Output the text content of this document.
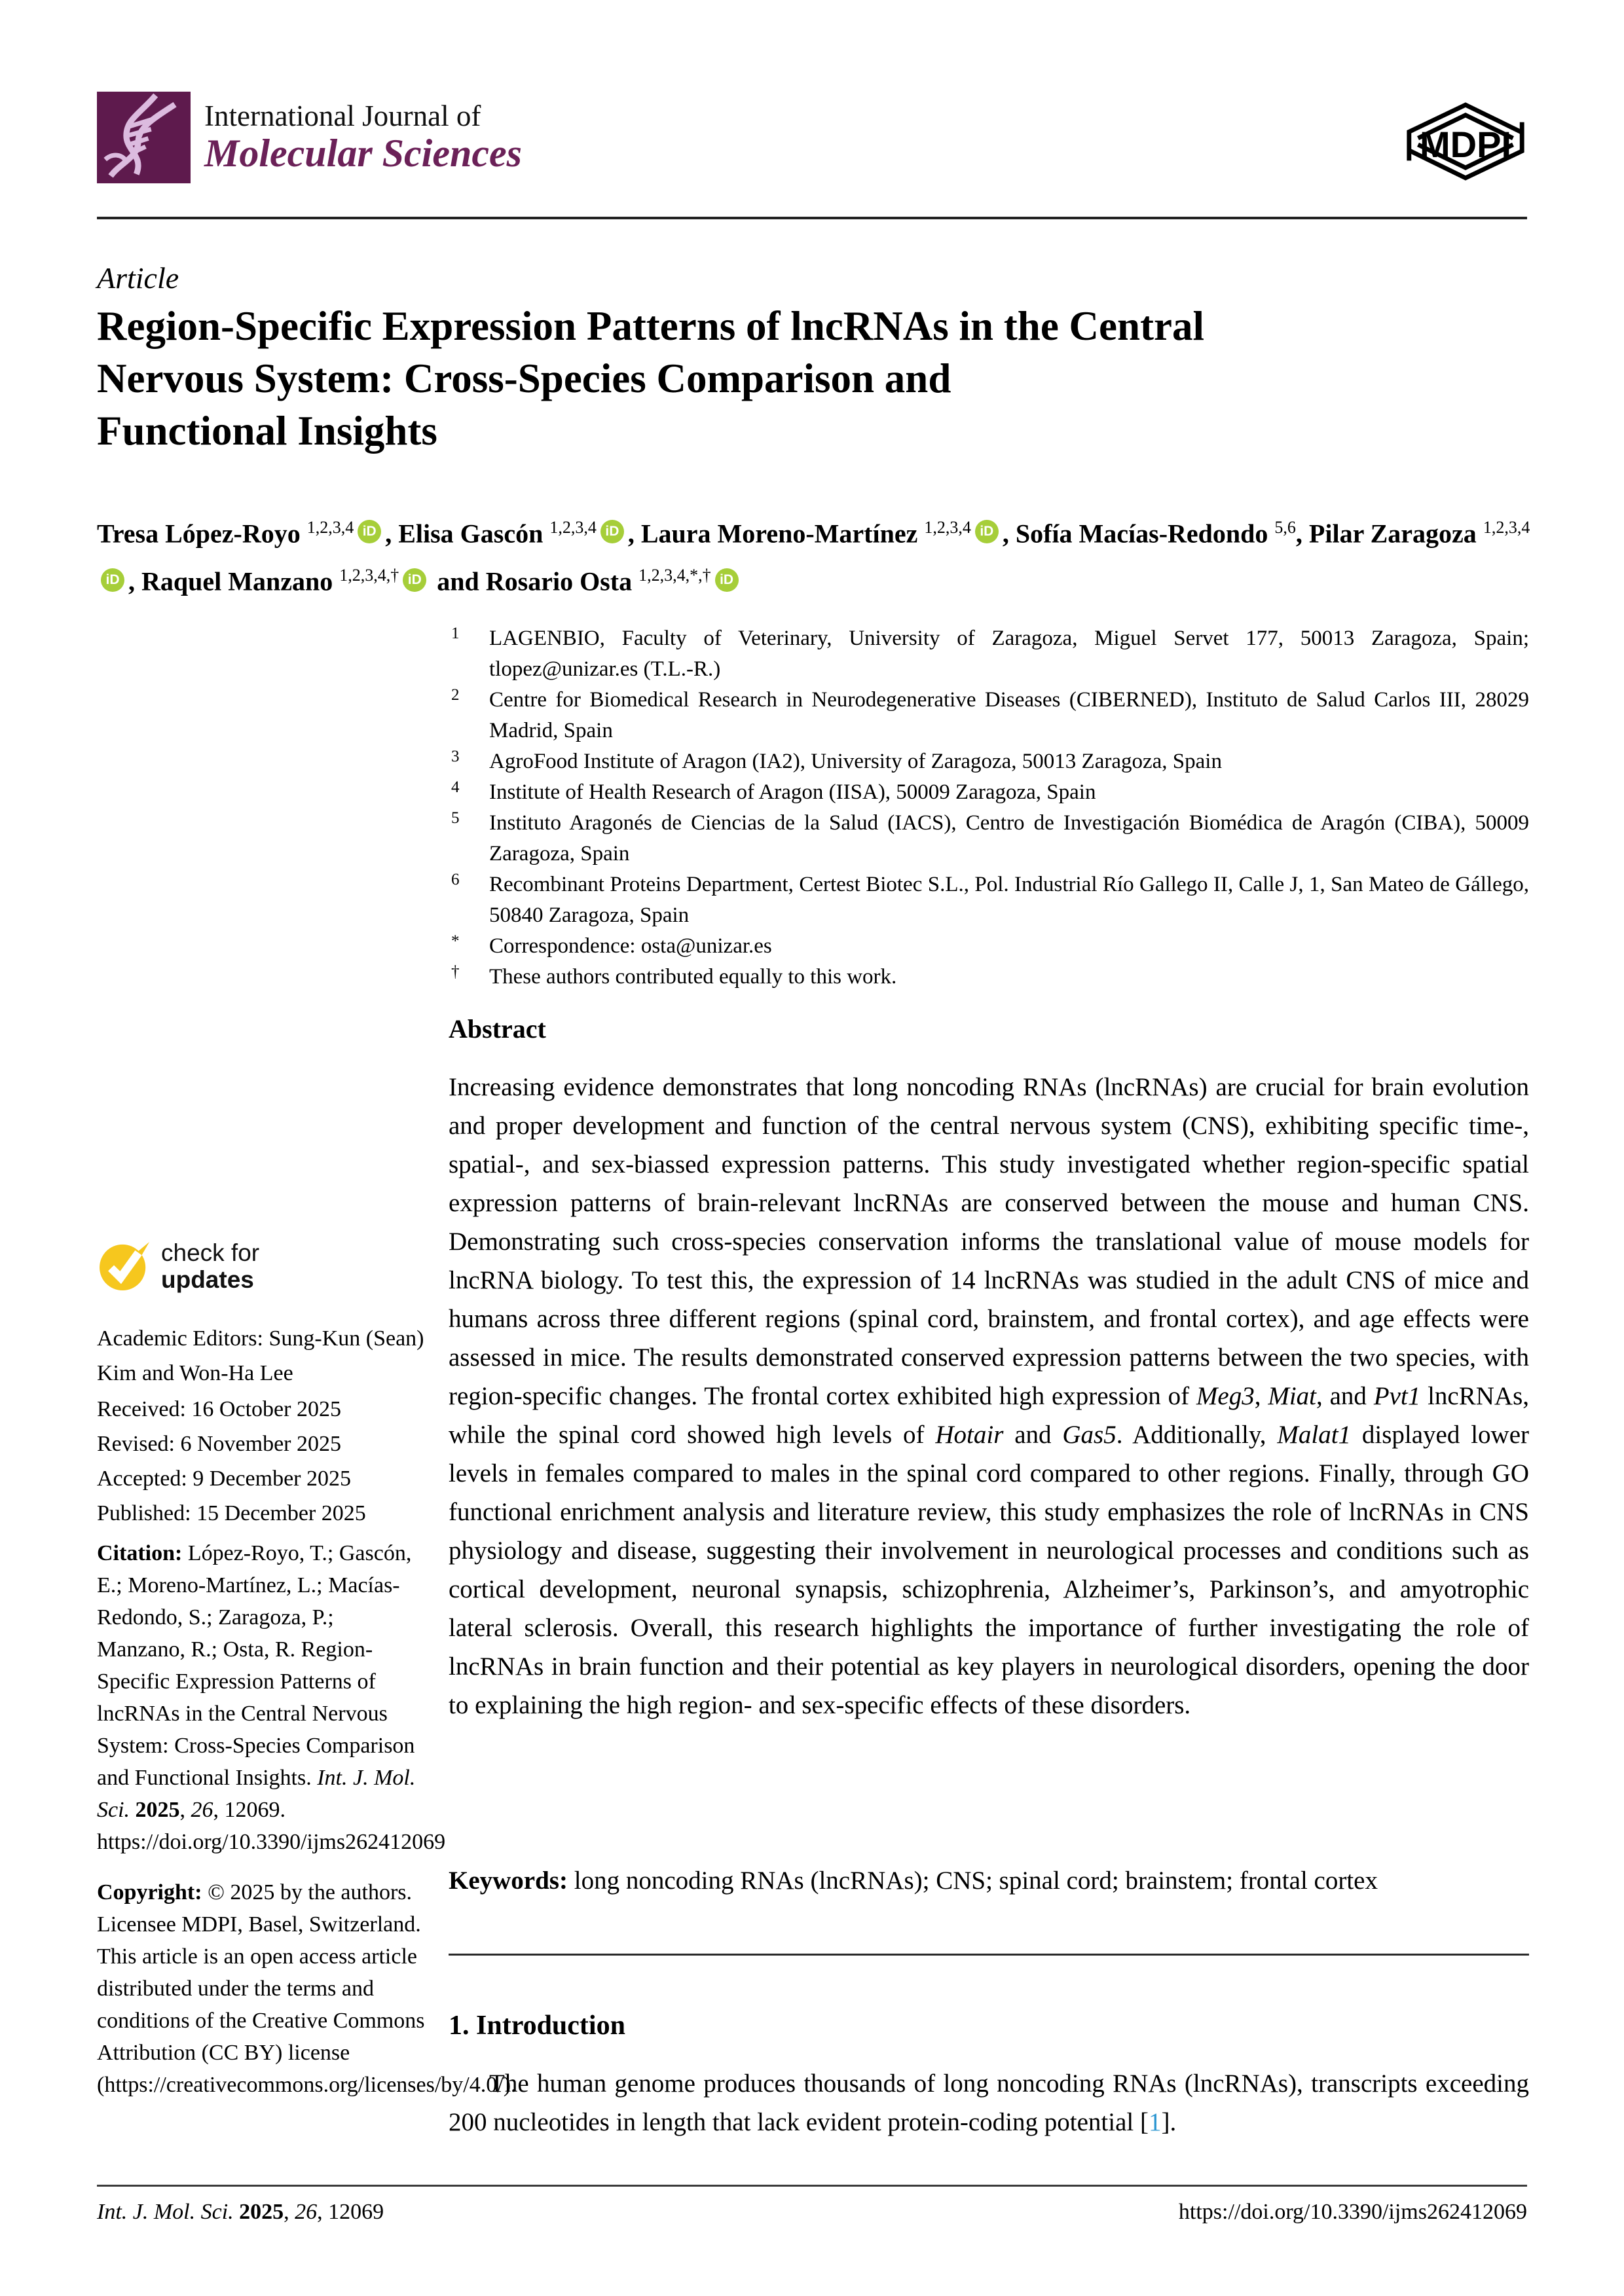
International Journal of
Molecular Sciences	MDPI
Article
Region-Specific Expression Patterns of lncRNAs in the Central
Nervous System: Cross-Species Comparison and
Functional Insights
Tresa López-Royo $^{1,2,3,4}$ iD , Elisa Gascón $^{1,2,3,4}$ iD , Laura Moreno-Martínez $^{1,2,3,4}$ iD , Sofía Macías-Redondo $^{5,6}$, Pilar Zaragoza $^{1,2,3,4}$iD , Raquel Manzano $^{1,2,3,4,\dagger}$ iD and Rosario Osta $^{1,2,3,4,*,\dagger}$ iD
1 LAGENBIO, Faculty of Veterinary, University of Zaragoza, Miguel Servet 177, 50013 Zaragoza, Spain; tlopez@unizar.es (T.L.-R.)
2 Centre for Biomedical Research in Neurodegenerative Diseases (CIBERNED), Instituto de Salud Carlos III, 28029 Madrid, Spain
3 AgroFood Institute of Aragon (IA2), University of Zaragoza, 50013 Zaragoza, Spain
4 Institute of Health Research of Aragon (IISA), 50009 Zaragoza, Spain
5 Instituto Aragonés de Ciencias de la Salud (IACS), Centro de Investigación Biomédica de Aragón (CIBA), 50009 Zaragoza, Spain
6 Recombinant Proteins Department, Certest Biotec S.L., Pol. Industrial Río Gallego II, Calle J, 1, San Mateo de Gállego, 50840 Zaragoza, Spain
* Correspondence: osta@unizar.es
† These authors contributed equally to this work.
check for
updates
Academic Editors: Sung-Kun (Sean) Kim and Won-Ha Lee
Received: 16 October 2025
Revised: 6 November 2025
Accepted: 9 December 2025
Published: 15 December 2025
Citation: López-Royo, T.; Gascón, E.; Moreno-Martínez, L.; Macías-Redondo, S.; Zaragoza, P.; Manzano, R.; Osta, R. Region-Specific Expression Patterns of lncRNAs in the Central Nervous System: Cross-Species Comparison and Functional Insights. Int. J. Mol. Sci. 2025, 26, 12069. https://doi.org/10.3390/ijms262412069
Copyright: © 2025 by the authors. Licensee MDPI, Basel, Switzerland. This article is an open access article distributed under the terms and conditions of the Creative Commons Attribution (CC BY) license (https://creativecommons.org/licenses/by/4.0/).
Abstract
Increasing evidence demonstrates that long noncoding RNAs (lncRNAs) are crucial for brain evolution and proper development and function of the central nervous system (CNS), exhibiting specific time-, spatial-, and sex-biassed expression patterns. This study investigated whether region-specific spatial expression patterns of brain-relevant lncRNAs are conserved between the mouse and human CNS. Demonstrating such cross-species conservation informs the translational value of mouse models for lncRNA biology. To test this, the expression of 14 lncRNAs was studied in the adult CNS of mice and humans across three different regions (spinal cord, brainstem, and frontal cortex), and age effects were assessed in mice. The results demonstrated conserved expression patterns between the two species, with region-specific changes. The frontal cortex exhibited high expression of Meg3, Miat, and Pvt1 lncRNAs, while the spinal cord showed high levels of Hotair and Gas5. Additionally, Malat1 displayed lower levels in females compared to males in the spinal cord compared to other regions. Finally, through GO functional enrichment analysis and literature review, this study emphasizes the role of lncRNAs in CNS physiology and disease, suggesting their involvement in neurological processes and conditions such as cortical development, neuronal synapsis, schizophrenia, Alzheimer’s, Parkinson’s, and amyotrophic lateral sclerosis. Overall, this research highlights the importance of further investigating the role of lncRNAs in brain function and their potential as key players in neurological disorders, opening the door to explaining the high region- and sex-specific effects of these disorders.
Keywords: long noncoding RNAs (lncRNAs); CNS; spinal cord; brainstem; frontal cortex
1. Introduction
The human genome produces thousands of long noncoding RNAs (lncRNAs), transcripts exceeding 200 nucleotides in length that lack evident protein-coding potential [1].
Int. J. Mol. Sci. 2025, 26, 12069	https://doi.org/10.3390/ijms262412069
